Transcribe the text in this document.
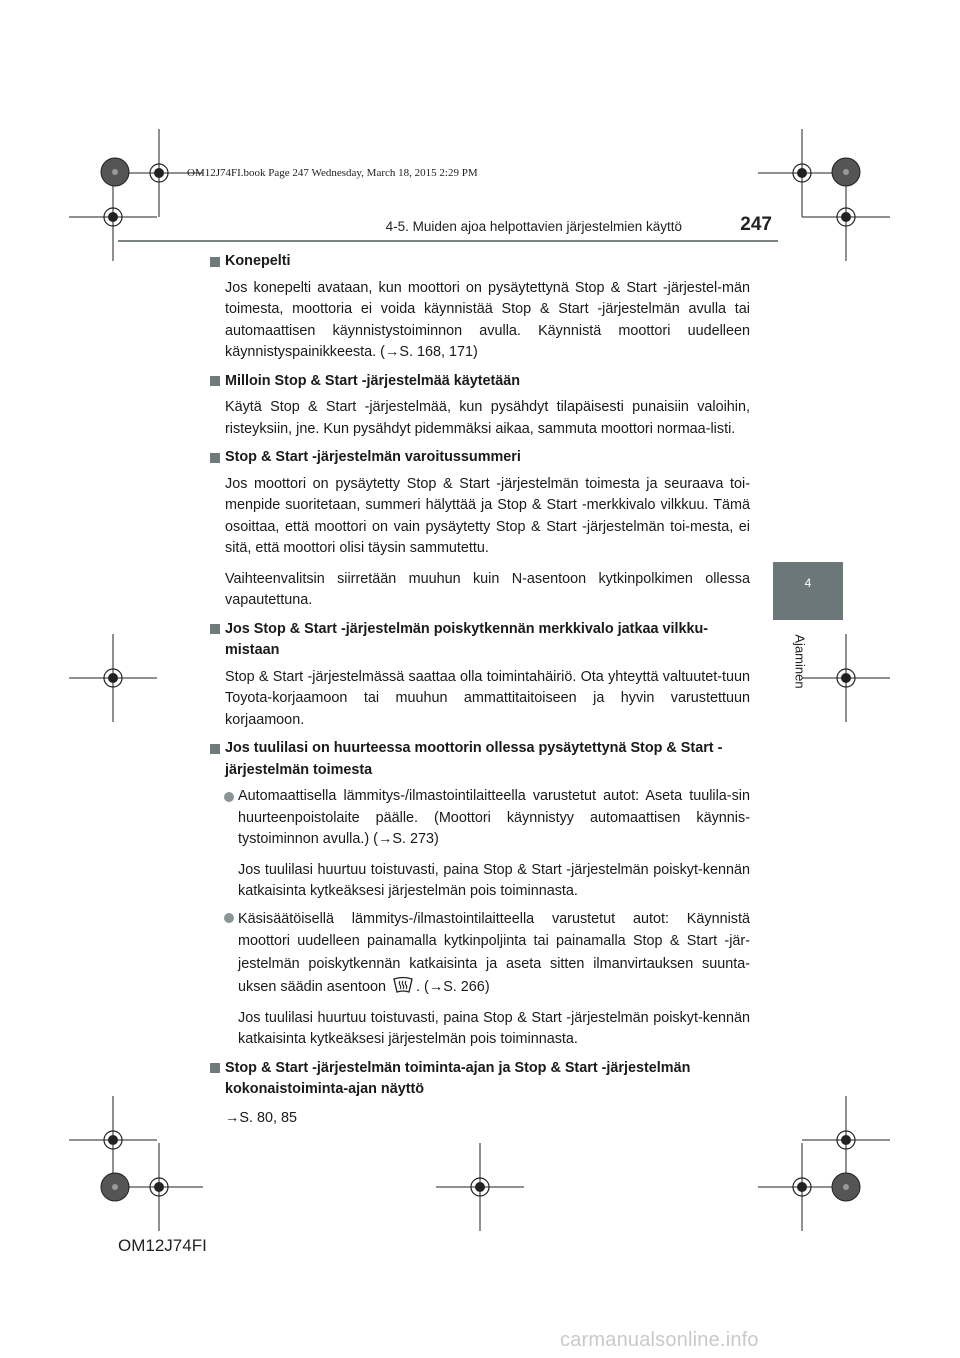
OM12J74FI.book Page 247 Wednesday, March 18, 2015 2:29 PM
4-5. Muiden ajoa helpottavien järjestelmien käyttö	247
4
Ajaminen

Konepelti

Jos konepelti avataan, kun moottori on pysäytettynä Stop & Start -järjestel-män toimesta, moottoria ei voida käynnistää Stop & Start -järjestelmän avulla tai automaattisen käynnistystoiminnon avulla. Käynnistä moottori uudelleen käynnistyspainikkeesta. (→S. 168, 171)

Milloin Stop & Start -järjestelmää käytetään

Käytä Stop & Start -järjestelmää, kun pysähdyt tilapäisesti punaisiin valoihin, risteyksiin, jne. Kun pysähdyt pidemmäksi aikaa, sammuta moottori normaa-listi.

Stop & Start -järjestelmän varoitussummeri

Jos moottori on pysäytetty Stop & Start -järjestelmän toimesta ja seuraava toi-menpide suoritetaan, summeri hälyttää ja Stop & Start -merkkivalo vilkkuu. Tämä osoittaa, että moottori on vain pysäytetty Stop & Start -järjestelmän toi-mesta, ei sitä, että moottori olisi täysin sammutettu.

Vaihteenvalitsin siirretään muuhun kuin N-asentoon kytkinpolkimen ollessa vapautettuna.

Jos Stop & Start -järjestelmän poiskytkennän merkkivalo jatkaa vilkku-mistaan

Stop & Start -järjestelmässä saattaa olla toimintahäiriö. Ota yhteyttä valtuutet-tuun Toyota-korjaamoon tai muuhun ammattitaitoiseen ja hyvin varustettuun korjaamoon.

Jos tuulilasi on huurteessa moottorin ollessa pysäytettynä Stop & Start -järjestelmän toimesta

Automaattisella lämmitys-/ilmastointilaitteella varustetut autot: Aseta tuulila-sin huurteenpoistolaite päälle. (Moottori käynnistyy automaattisen käynnis-tystoiminnon avulla.) (→S. 273)

Jos tuulilasi huurtuu toistuvasti, paina Stop & Start -järjestelmän poiskyt-kennän katkaisinta kytkeäksesi järjestelmän pois toiminnasta.

Käsisäätöisellä lämmitys-/ilmastointilaitteella varustetut autot: Käynnistä moottori uudelleen painamalla kytkinpoljinta tai painamalla Stop & Start -jär-jestelmän poiskytkennän katkaisinta ja aseta sitten ilmanvirtauksen suunta-uksen säädin asentoon . (→S. 266)

Jos tuulilasi huurtuu toistuvasti, paina Stop & Start -järjestelmän poiskyt-kennän katkaisinta kytkeäksesi järjestelmän pois toiminnasta.

Stop & Start -järjestelmän toiminta-ajan ja Stop & Start -järjestelmän kokonaistoiminta-ajan näyttö

→S. 80, 85

OM12J74FI
carmanualsonline.info
